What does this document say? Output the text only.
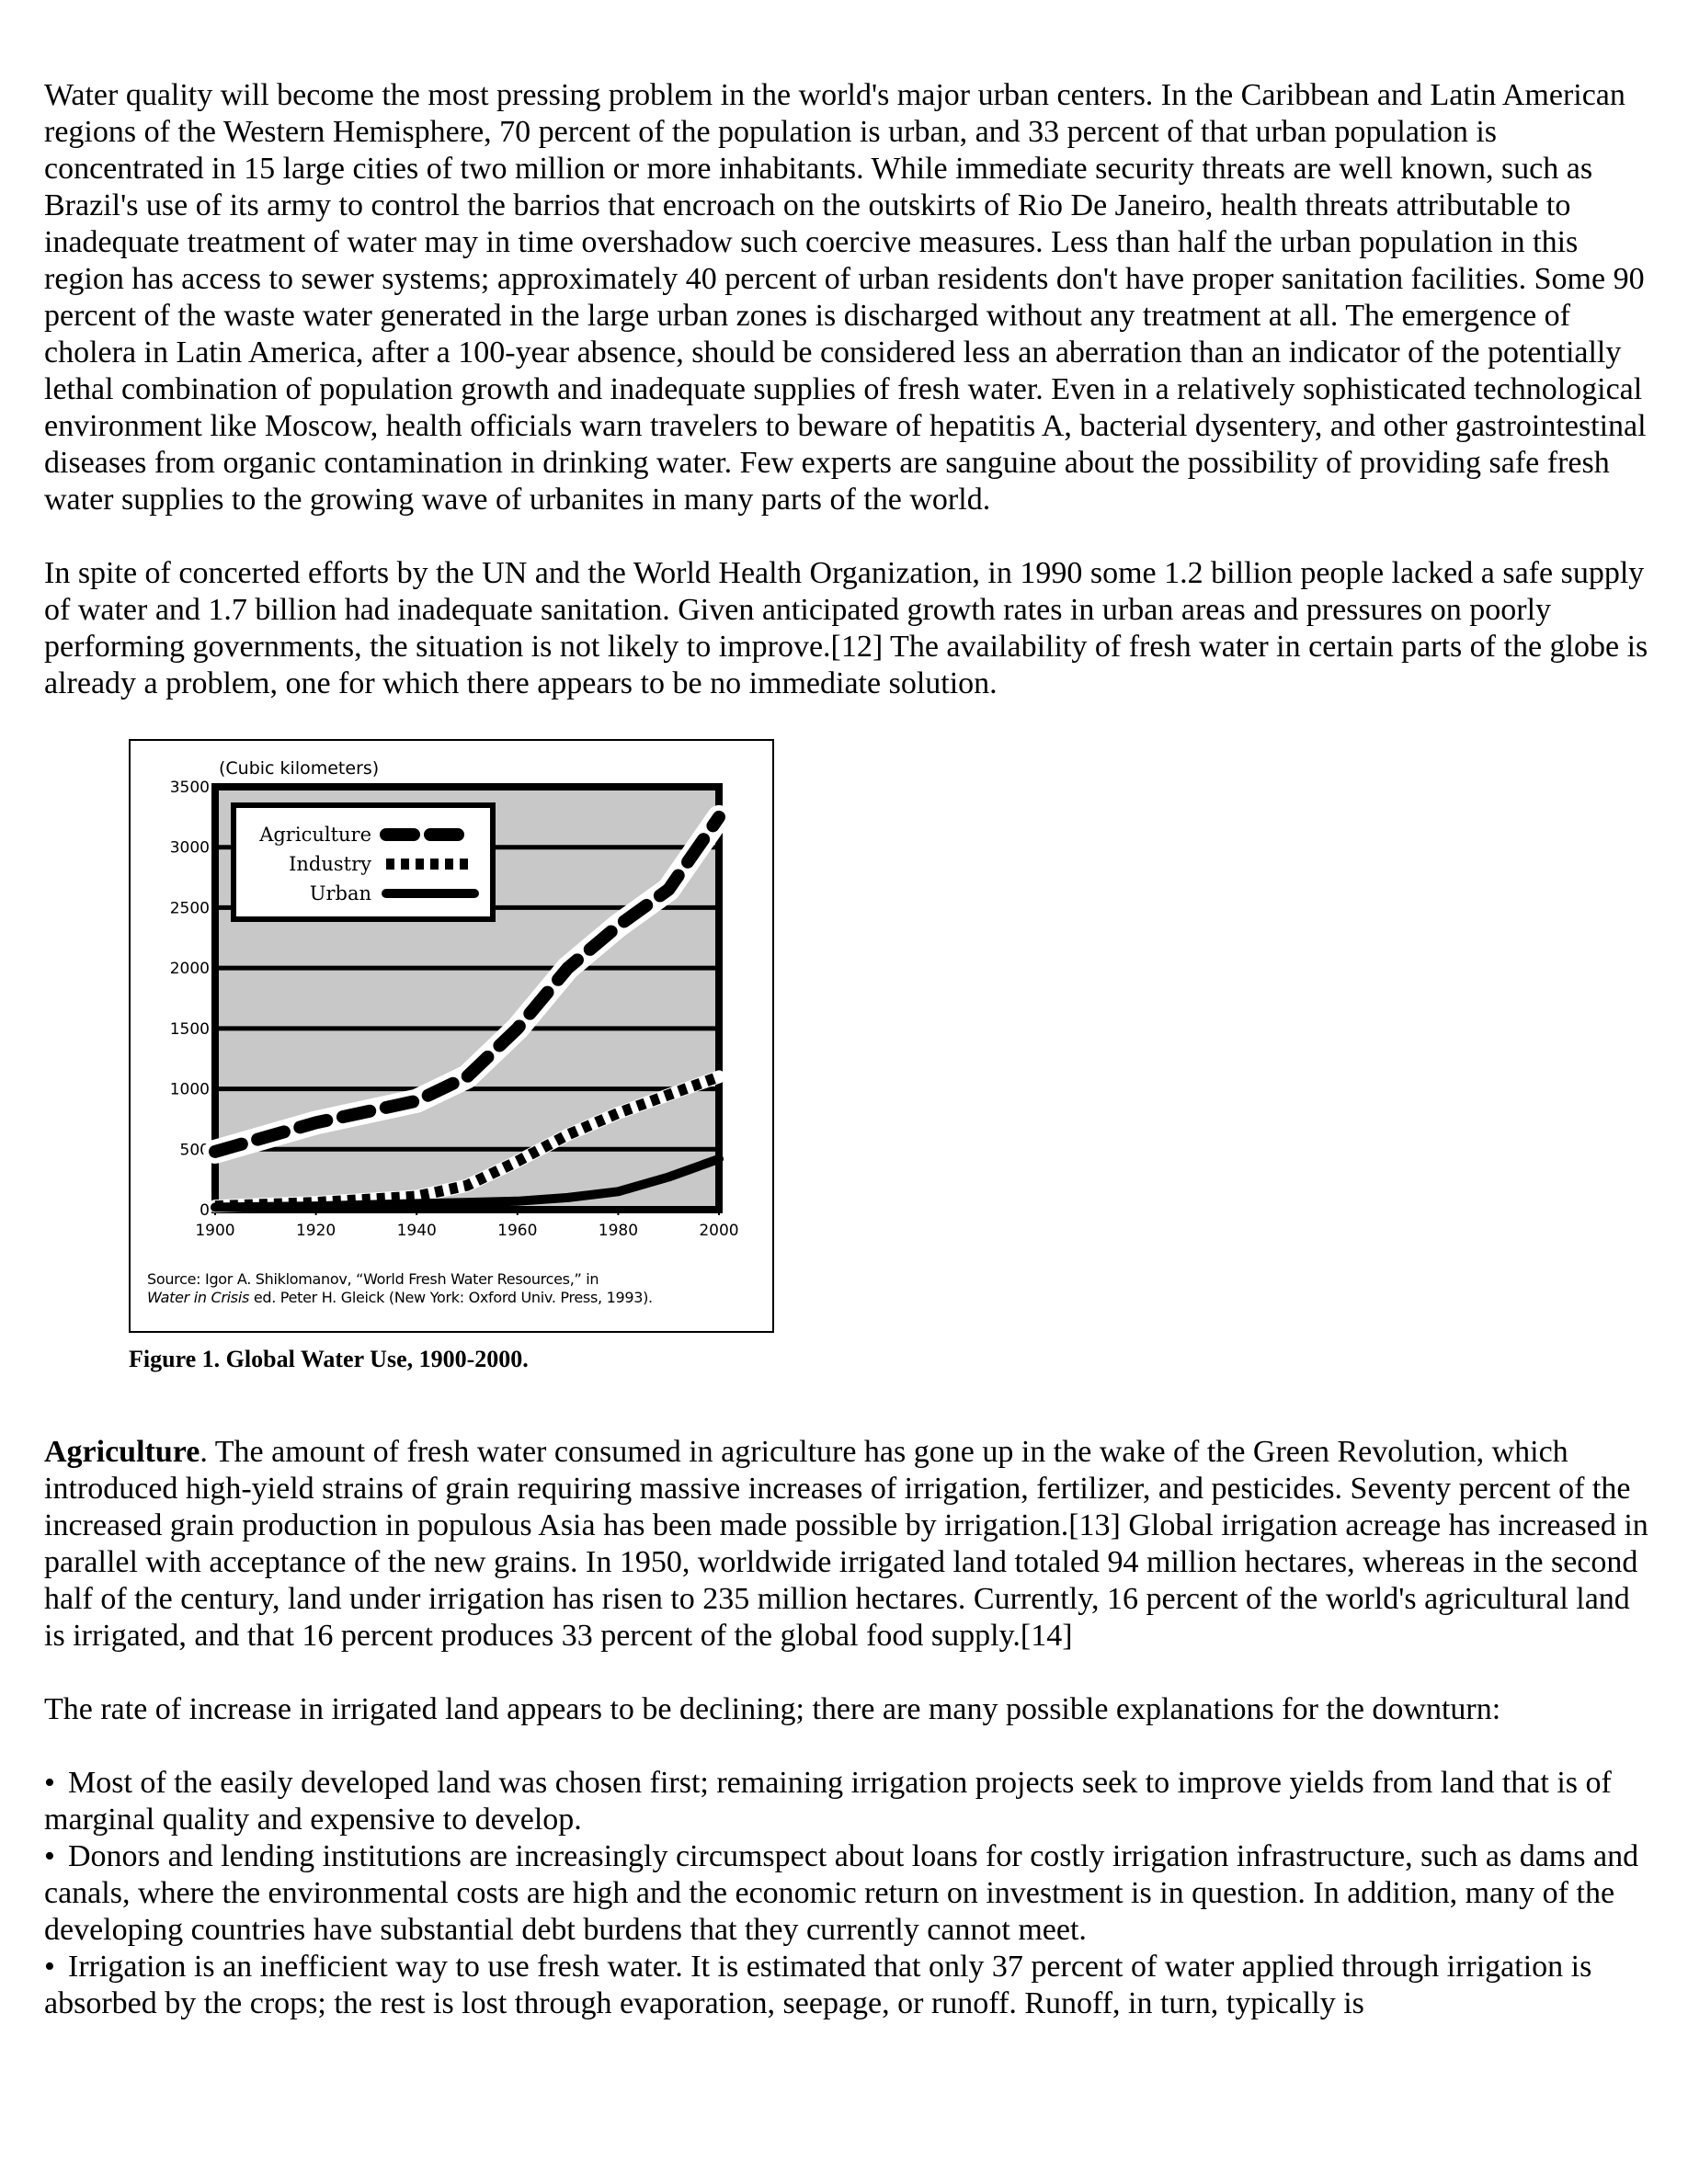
Water quality will become the most pressing problem in the world's major urban centers. In the Caribbean and Latin American regions of the Western Hemisphere, 70 percent of the population is urban, and 33 percent of that urban population is concentrated in 15 large cities of two million or more inhabitants. While immediate security threats are well known, such as Brazil's use of its army to control the barrios that encroach on the outskirts of Rio De Janeiro, health threats attributable to inadequate treatment of water may in time overshadow such coercive measures. Less than half the urban population in this region has access to sewer systems; approximately 40 percent of urban residents don't have proper sanitation facilities. Some 90 percent of the waste water generated in the large urban zones is discharged without any treatment at all. The emergence of cholera in Latin America, after a 100-year absence, should be considered less an aberration than an indicator of the potentially lethal combination of population growth and inadequate supplies of fresh water. Even in a relatively sophisticated technological environment like Moscow, health officials warn travelers to beware of hepatitis A, bacterial dysentery, and other gastrointestinal diseases from organic contamination in drinking water. Few experts are sanguine about the possibility of providing safe fresh water supplies to the growing wave of urbanites in many parts of the world.

In spite of concerted efforts by the UN and the World Health Organization, in 1990 some 1.2 billion people lacked a safe supply of water and 1.7 billion had inadequate sanitation. Given anticipated growth rates in urban areas and pressures on poorly performing governments, the situation is not likely to improve.[12] The availability of fresh water in certain parts of the globe is already a problem, one for which there appears to be no immediate solution.

0
500
1000
1500
2000
2500
3000
3500
1900	1920	1940	1960	1980	2000
(Cubic kilometers)
Agriculture
Industry
Urban
Source: Igor A. Shiklomanov, “World Fresh Water Resources,” in
Water in Crisis ed. Peter H. Gleick (New York: Oxford Univ. Press, 1993).
Figure 1. Global Water Use, 1900-2000.

Agriculture. The amount of fresh water consumed in agriculture has gone up in the wake of the Green Revolution, which introduced high-yield strains of grain requiring massive increases of irrigation, fertilizer, and pesticides. Seventy percent of the increased grain production in populous Asia has been made possible by irrigation.[13] Global irrigation acreage has increased in parallel with acceptance of the new grains. In 1950, worldwide irrigated land totaled 94 million hectares, whereas in the second half of the century, land under irrigation has risen to 235 million hectares. Currently, 16 percent of the world's agricultural land is irrigated, and that 16 percent produces 33 percent of the global food supply.[14]

The rate of increase in irrigated land appears to be declining; there are many possible explanations for the downturn:

• Most of the easily developed land was chosen first; remaining irrigation projects seek to improve yields from land that is of marginal quality and expensive to develop.
• Donors and lending institutions are increasingly circumspect about loans for costly irrigation infrastructure, such as dams and canals, where the environmental costs are high and the economic return on investment is in question. In addition, many of the developing countries have substantial debt burdens that they currently cannot meet.
• Irrigation is an inefficient way to use fresh water. It is estimated that only 37 percent of water applied through irrigation is absorbed by the crops; the rest is lost through evaporation, seepage, or runoff. Runoff, in turn, typically is
